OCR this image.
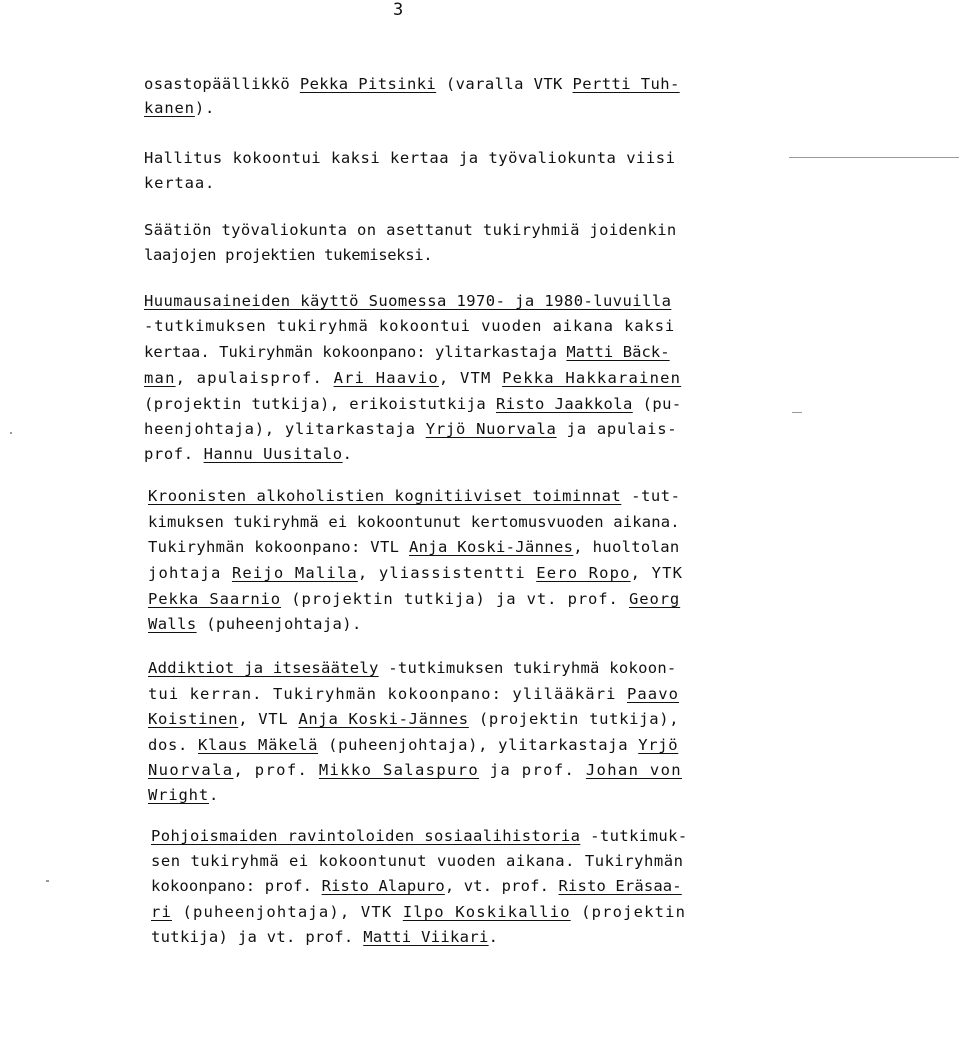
3
osastopäällikkö Pekka Pitsinki (varalla VTK Pertti Tuh-
kanen).
Hallitus kokoontui kaksi kertaa ja työvaliokunta viisi
kertaa.
Säätiön työvaliokunta on asettanut tukiryhmiä joidenkin
laajojen projektien tukemiseksi.
Huumausaineiden käyttö Suomessa 1970- ja 1980-luvuilla
-tutkimuksen tukiryhmä kokoontui vuoden aikana kaksi
kertaa. Tukiryhmän kokoonpano: ylitarkastaja Matti Bäck-
man, apulaisprof. Ari Haavio, VTM Pekka Hakkarainen
(projektin tutkija), erikoistutkija Risto Jaakkola (pu-
heenjohtaja), ylitarkastaja Yrjö Nuorvala ja apulais-
prof. Hannu Uusitalo.
Kroonisten alkoholistien kognitiiviset toiminnat -tut-
kimuksen tukiryhmä ei kokoontunut kertomusvuoden aikana.
Tukiryhmän kokoonpano: VTL Anja Koski-Jännes, huoltolan
johtaja Reijo Malila, yliassistentti Eero Ropo, YTK
Pekka Saarnio (projektin tutkija) ja vt. prof. Georg
Walls (puheenjohtaja).
Addiktiot ja itsesäätely -tutkimuksen tukiryhmä kokoon-
tui kerran. Tukiryhmän kokoonpano: ylilääkäri Paavo
Koistinen, VTL Anja Koski-Jännes (projektin tutkija),
dos. Klaus Mäkelä (puheenjohtaja), ylitarkastaja Yrjö
Nuorvala, prof. Mikko Salaspuro ja prof. Johan von
Wright.
Pohjoismaiden ravintoloiden sosiaalihistoria -tutkimuk-
sen tukiryhmä ei kokoontunut vuoden aikana. Tukiryhmän
kokoonpano: prof. Risto Alapuro, vt. prof. Risto Eräsaa-
ri (puheenjohtaja), VTK Ilpo Koskikallio (projektin
tutkija) ja vt. prof. Matti Viikari.
